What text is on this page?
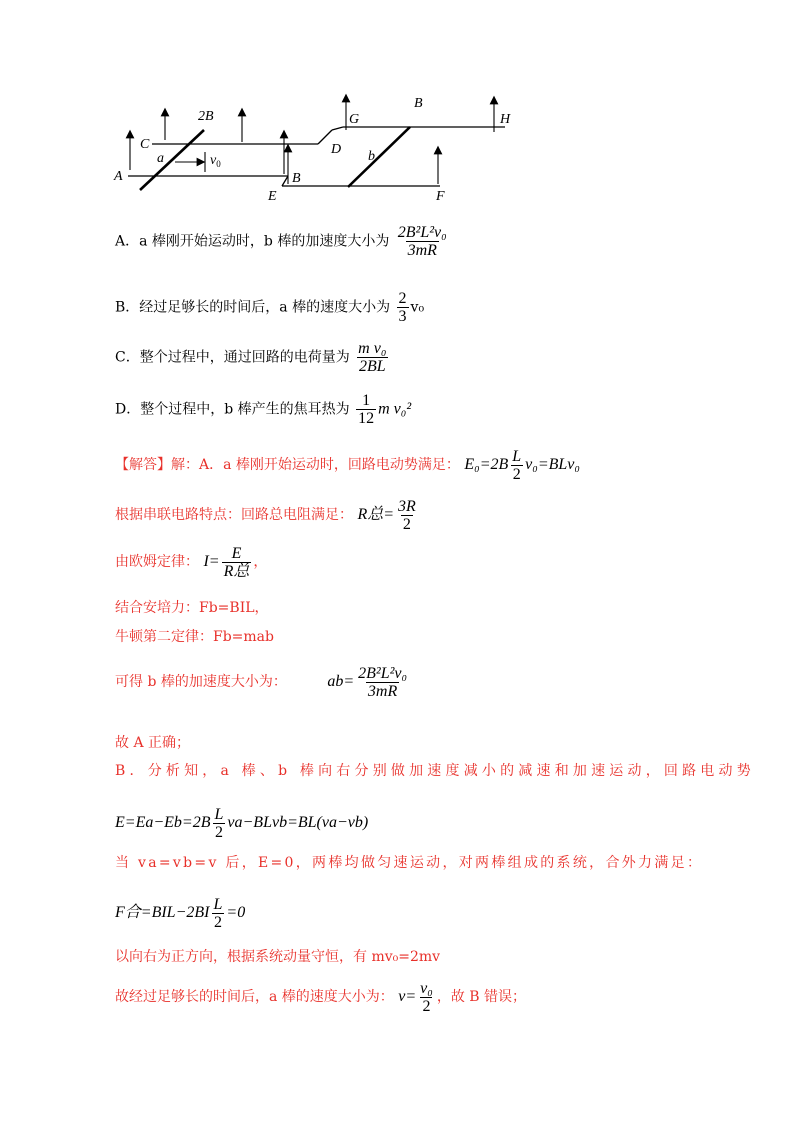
A
C
2B
a	$v_0$
D
G
b
B
H
B
E	F
A．a 棒刚开始运动时，b 棒的加速度大小为 $\frac{\text{2B²L²v₀}}{3mR}$
B．经过足够长的时间后，a 棒的速度大小为 $\frac{2}{3} v_0$
C．整个过程中，通过回路的电荷量为 $\frac{\text{m v₀}}{2BL}$
D．整个过程中，b 棒产生的焦耳热为 $\frac{1}{12}$ m v₀²
【解答】解：A．a 棒刚开始运动时，回路电动势满足： $E_0=2B \frac{L}{2} v_0=BLv_0$
根据串联电路特点：回路总电阻满足： R总= $\frac{3R}{2}$
由欧姆定律： $I= \frac{E}{\text{R总}}$ ，
结合安培力：Fb=BIL，
牛顿第二定律：Fb=mab
可得 b 棒的加速度大小为：	$ab= \frac{\text{2B²L²v₀}}{3mR}$
故 A 正确；
B．分析知，a 棒、b 棒向右分别做加速度减小的减速和加速运动，回路电动势
$E=Ea-Eb=2B \frac{L}{2}$ va−BLvb=BL(va−vb)
当 va=vb=v 后，E=0，两棒均做匀速运动，对两棒组成的系统，合外力满足：
F合$=BIL-2BI \frac{L}{2} =0$
以向右为正方向，根据系统动量守恒，有 mv₀=2mv
故经过足够长的时间后，a 棒的速度大小为： $v= \frac{\text{v₀}}{2}$ ，故 B 错误；
